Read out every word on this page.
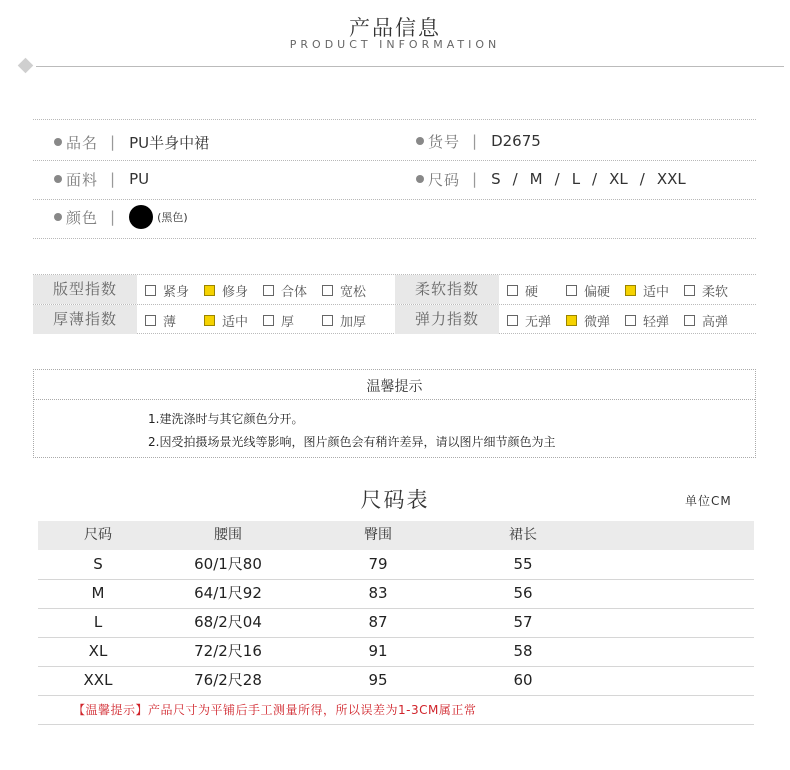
产品信息
PRODUCT INFORMATION
品名 | PU半身中裙	货号 | D2675
面料 | PU	尺码 | S / M / L / XL / XXL
颜色 |	(黑色)
版型指数	紧身	修身	合体	宽松	柔软指数	硬	偏硬	适中	柔软
厚薄指数	薄	适中	厚	加厚	弹力指数	无弹	微弹	轻弹	高弹
温馨提示
1.建洗涤时与其它颜色分开。
2.因受拍摄场景光线等影响，图片颜色会有稍许差异，请以图片细节颜色为主
尺码表	单位CM
尺码	腰围	臀围	裙长
S	60/1尺80	79	55
M	64/1尺92	83	56
L	68/2尺04	87	57
XL	72/2尺16	91	58
XXL	76/2尺28	95	60
【温馨提示】产品尺寸为平铺后手工测量所得，所以误差为1-3CM属正常
